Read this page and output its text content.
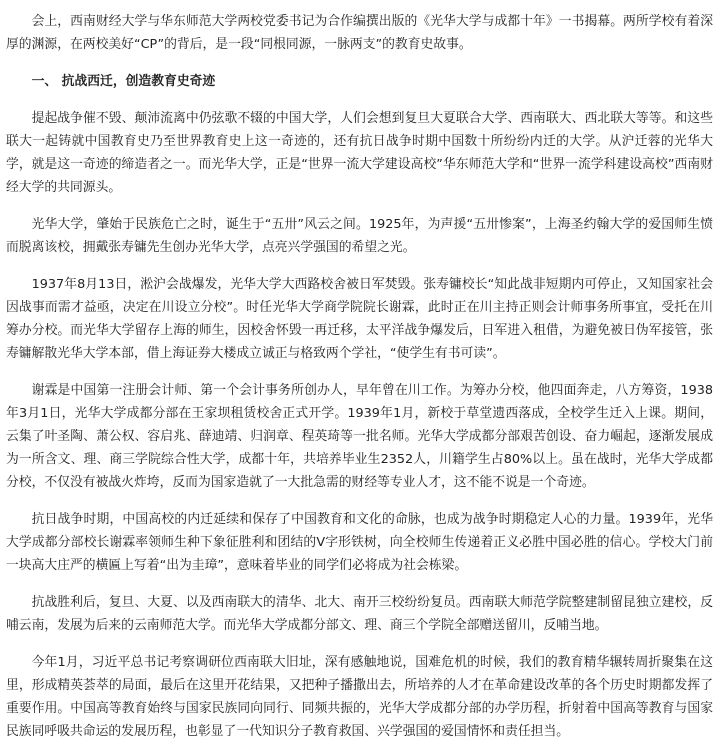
会上，西南财经大学与华东师范大学两校党委书记为合作编撰出版的《光华大学与成都十年》一书揭幕。两所学校有着深厚的渊源，在两校美好“CP”的背后，是一段“同根同源，一脉两支”的教育史故事。

一、 抗战西迁，创造教育史奇迹

提起战争催不毁、颠沛流离中仍弦歌不辍的中国大学，人们会想到复旦大夏联合大学、西南联大、西北联大等等。和这些联大一起铸就中国教育史乃至世界教育史上这一奇迹的，还有抗日战争时期中国数十所纷纷内迁的大学。从沪迁蓉的光华大学，就是这一奇迹的缔造者之一。而光华大学，正是“世界一流大学建设高校”华东师范大学和“世界一流学科建设高校”西南财经大学的共同源头。

光华大学，肇始于民族危亡之时，诞生于“五卅”风云之间。1925年，为声援“五卅惨案”，上海圣约翰大学的爱国师生愤而脱离该校，拥戴张寿镛先生创办光华大学，点亮兴学强国的希望之光。

1937年8月13日，淞沪会战爆发，光华大学大西路校舍被日军焚毁。张寿镛校长“知此战非短期内可停止，又知国家社会因战事而需才益亟，决定在川设立分校”。时任光华大学商学院院长谢霖，此时正在川主持正则会计师事务所事宜，受托在川筹办分校。而光华大学留存上海的师生，因校舍怀毁一再迁移，太平洋战争爆发后，日军进入租借，为避免被日伪军接管，张寿镛解散光华大学本部，借上海证券大楼成立诚正与格致两个学社，“使学生有书可读”。

谢霖是中国第一注册会计师、第一个会计事务所创办人，早年曾在川工作。为筹办分校，他四面奔走，八方筹资，1938年3月1日，光华大学成都分部在王家坝租赁校舍正式开学。1939年1月，新校于草堂遗西落成，全校学生迁入上课。期间，云集了叶圣陶、萧公权、容启兆、薛迪靖、归润章、程英琦等一批名师。光华大学成都分部艰苦创设、奋力崛起，逐渐发展成为一所含文、理、商三学院综合性大学，成都十年，共培养毕业生2352人，川籍学生占80%以上。虽在战时，光华大学成都分校，不仅没有被战火炸垮，反而为国家造就了一大批急需的财经等专业人才，这不能不说是一个奇迹。

抗日战争时期，中国高校的内迁延续和保存了中国教育和文化的命脉，也成为战争时期稳定人心的力量。1939年，光华大学成都分部校长谢霖率领师生种下象征胜利和团结的V字形铁树，向全校师生传递着正义必胜中国必胜的信心。学校大门前一块高大庄严的横匾上写着“出为圭璋”，意味着毕业的同学们必将成为社会栋梁。

抗战胜利后，复旦、大夏、以及西南联大的清华、北大、南开三校纷纷复员。西南联大师范学院整建制留昆独立建校，反哺云南，发展为后来的云南师范大学。而光华大学成都分部文、理、商三个学院全部赠送留川，反哺当地。

今年1月，习近平总书记考察调研位西南联大旧址，深有感触地说，国难危机的时候，我们的教育精华辗转周折聚集在这里，形成精英荟萃的局面，最后在这里开花结果，又把种子播撒出去，所培养的人才在革命建设改革的各个历史时期都发挥了重要作用。中国高等教育始终与国家民族同向同行、同频共振的，光华大学成都分部的办学历程，折射着中国高等教育与国家民族同呼吸共命运的发展历程，也彰显了一代知识分子教育救国、兴学强国的爱国情怀和责任担当。
